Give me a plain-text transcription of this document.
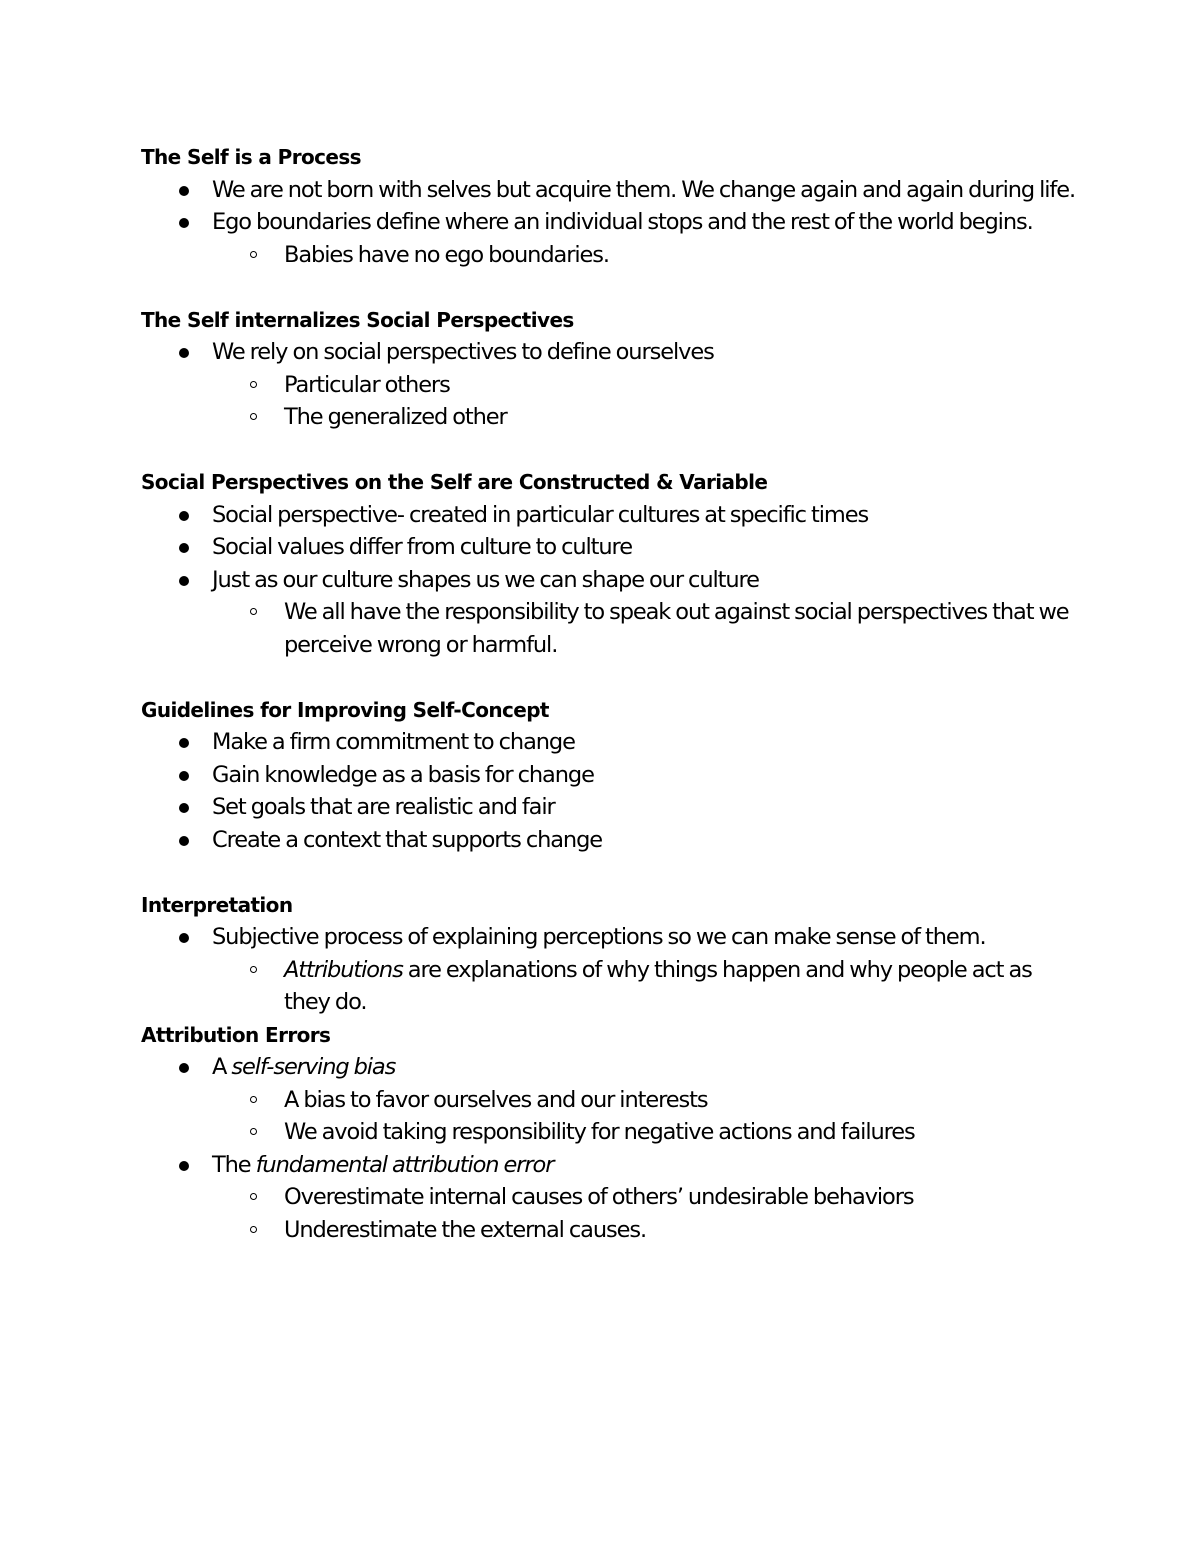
The Self is a Process

We are not born with selves but acquire them. We change again and again during life.
Ego boundaries define where an individual stops and the rest of the world begins.
Babies have no ego boundaries.

The Self internalizes Social Perspectives

We rely on social perspectives to define ourselves
Particular others
The generalized other

Social Perspectives on the Self are Constructed & Variable

Social perspective- created in particular cultures at specific times
Social values differ from culture to culture
Just as our culture shapes us we can shape our culture
We all have the responsibility to speak out against social perspectives that we perceive wrong or harmful.

Guidelines for Improving Self-Concept

Make a firm commitment to change
Gain knowledge as a basis for change
Set goals that are realistic and fair
Create a context that supports change

Interpretation

Subjective process of explaining perceptions so we can make sense of them.
Attributions are explanations of why things happen and why people act as they do.

Attribution Errors

A self-serving bias
A bias to favor ourselves and our interests
We avoid taking responsibility for negative actions and failures
The fundamental attribution error
Overestimate internal causes of others’ undesirable behaviors
Underestimate the external causes.
